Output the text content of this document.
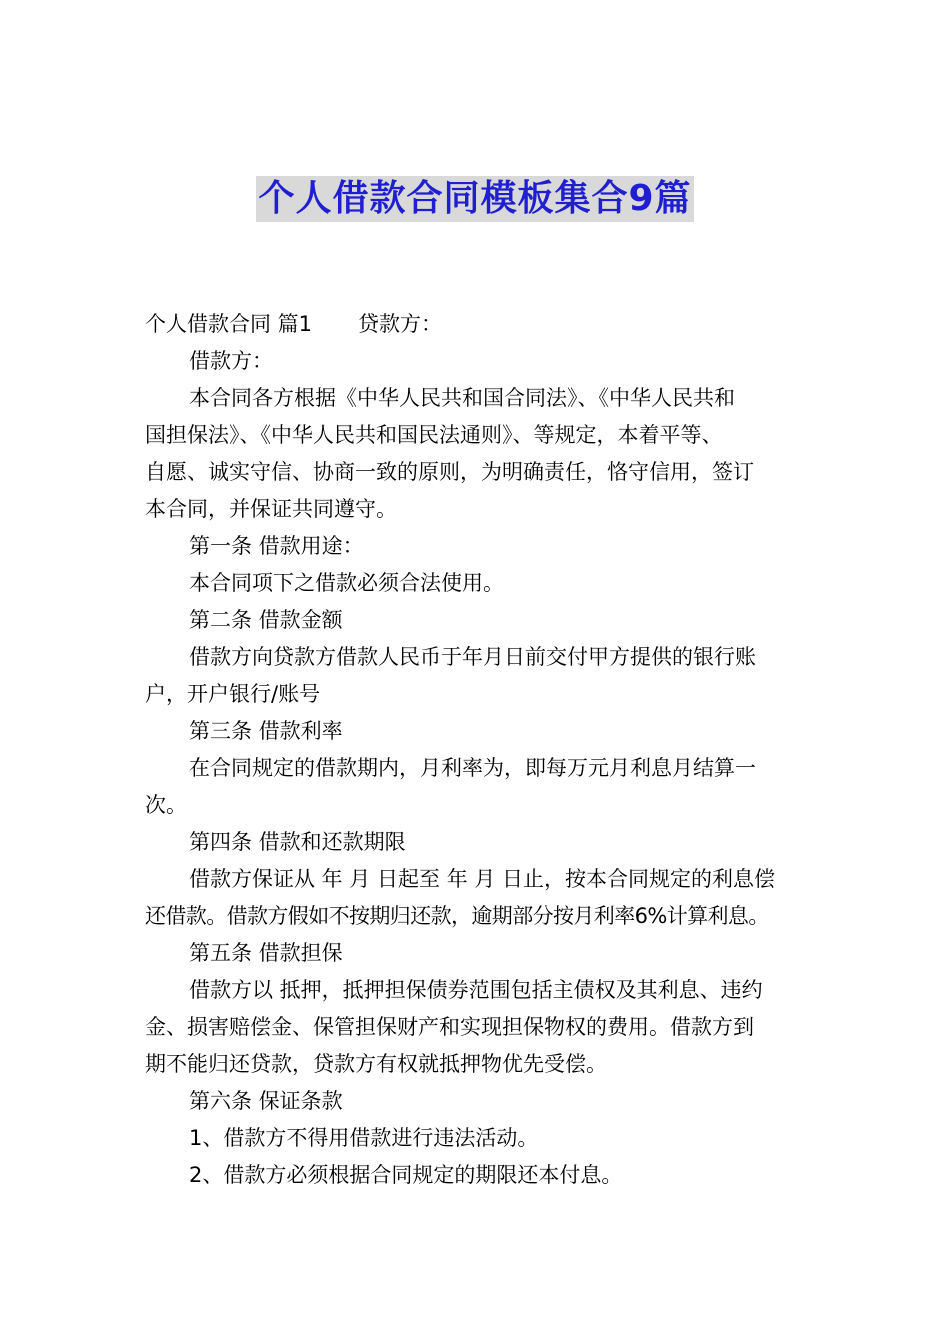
个人借款合同模板集合9篇

个人借款合同 篇1 贷款方：

借款方：

本合同各方根据《中华人民共和国合同法》、《中华人民共和

国担保法》、《中华人民共和国民法通则》、等规定，本着平等、

自愿、诚实守信、协商一致的原则，为明确责任，恪守信用，签订

本合同，并保证共同遵守。

第一条 借款用途：

本合同项下之借款必须合法使用。

第二条 借款金额

借款方向贷款方借款人民币于年月日前交付甲方提供的银行账

户，开户银行/账号

第三条 借款利率

在合同规定的借款期内，月利率为，即每万元月利息月结算一

次。

第四条 借款和还款期限

借款方保证从 年 月 日起至 年 月 日止，按本合同规定的利息偿

还借款。借款方假如不按期归还款，逾期部分按月利率6%计算利息。

第五条 借款担保

借款方以 抵押，抵押担保债券范围包括主债权及其利息、违约

金、损害赔偿金、保管担保财产和实现担保物权的费用。借款方到

期不能归还贷款，贷款方有权就抵押物优先受偿。

第六条 保证条款

1、借款方不得用借款进行违法活动。

2、借款方必须根据合同规定的期限还本付息。
